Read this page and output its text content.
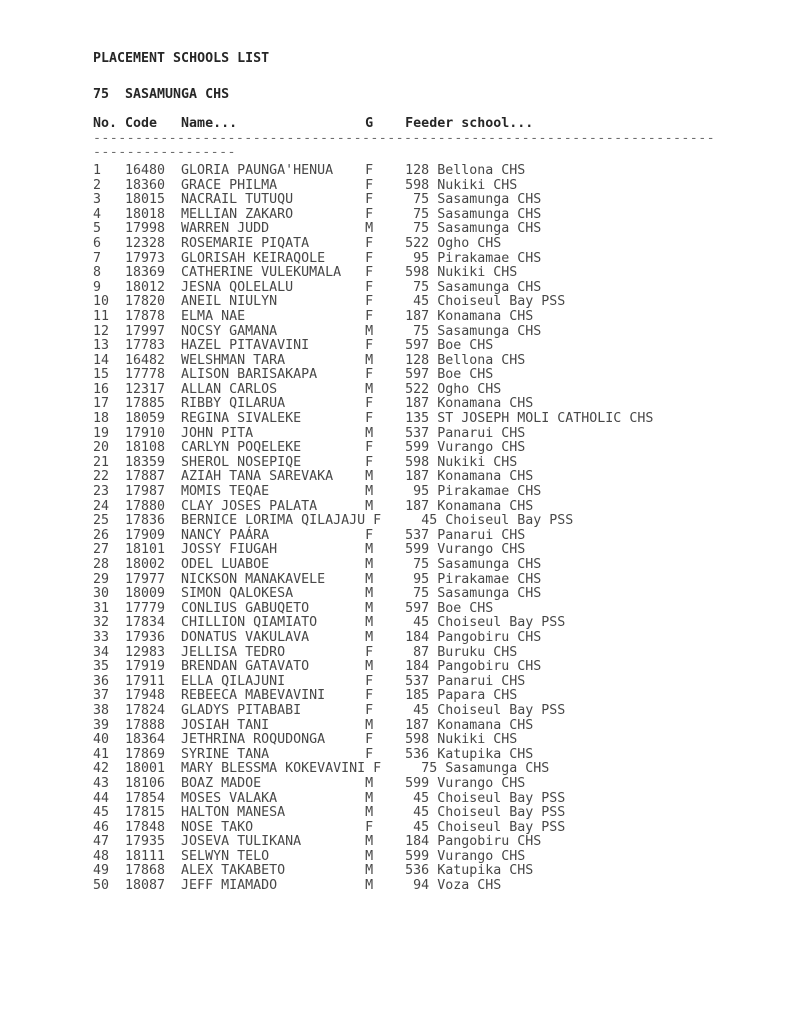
PLACEMENT SCHOOLS LIST
75 SASAMUNGA CHS
No. Code Name...	G Feeder school...
--------------------------------------------------------------------------
-----------------
1 16480 GLORIA PAUNGA'HENUA F 128 Bellona CHS
2 18360 GRACE PHILMA	F 598 Nukiki CHS
3 18015 NACRAIL TUTUQU	F	75 Sasamunga CHS
4 18018 MELLIAN ZAKARO	F	75 Sasamunga CHS
5 17998 WARREN JUDD	M	75 Sasamunga CHS
6 12328 ROSEMARIE PIQATA	F 522 Ogho CHS
7 17973 GLORISAH KEIRAQOLE	F	95 Pirakamae CHS
8 18369 CATHERINE VULEKUMALA F 598 Nukiki CHS
9 18012 JESNA QOLELALU	F	75 Sasamunga CHS
10 17820 ANEIL NIULYN	F	45 Choiseul Bay PSS
11 17878 ELMA NAE	F 187 Konamana CHS
12 17997 NOCSY GAMANA	M	75 Sasamunga CHS
13 17783 HAZEL PITAVAVINI	F 597 Boe CHS
14 16482 WELSHMAN TARA	M 128 Bellona CHS
15 17778 ALISON BARISAKAPA	F 597 Boe CHS
16 12317 ALLAN CARLOS	M 522 Ogho CHS
17 17885 RIBBY QILARUA	F 187 Konamana CHS
18 18059 REGINA SIVALEKE	F 135 ST JOSEPH MOLI CATHOLIC CHS
19 17910 JOHN PITA	M 537 Panarui CHS
20 18108 CARLYN POQELEKE	F 599 Vurango CHS
21 18359 SHEROL NOSEPIQE	F 598 Nukiki CHS
22 17887 AZIAH TANA SAREVAKA M 187 Konamana CHS
23 17987 MOMIS TEQAE	M	95 Pirakamae CHS
24 17880 CLAY JOSES PALATA	M 187 Konamana CHS
25 17836 BERNICE LORIMA QILAJAJU F	45 Choiseul Bay PSS
26 17909 NANCY PAÁRA	F 537 Panarui CHS
27 18101 JOSSY FIUGAH	M 599 Vurango CHS
28 18002 ODEL LUABOE	M	75 Sasamunga CHS
29 17977 NICKSON MANAKAVELE	M	95 Pirakamae CHS
30 18009 SIMON QALOKESA	M	75 Sasamunga CHS
31 17779 CONLIUS GABUQETO	M 597 Boe CHS
32 17834 CHILLION QIAMIATO	M	45 Choiseul Bay PSS
33 17936 DONATUS VAKULAVA	M 184 Pangobiru CHS
34 12983 JELLISA TEDRO	F	87 Buruku CHS
35 17919 BRENDAN GATAVATO	M 184 Pangobiru CHS
36 17911 ELLA QILAJUNI	F 537 Panarui CHS
37 17948 REBEECA MABEVAVINI	F 185 Papara CHS
38 17824 GLADYS PITABABI	F	45 Choiseul Bay PSS
39 17888 JOSIAH TANI	M 187 Konamana CHS
40 18364 JETHRINA ROQUDONGA	F 598 Nukiki CHS
41 17869 SYRINE TANA	F 536 Katupika CHS
42 18001 MARY BLESSMA KOKEVAVINI F	75 Sasamunga CHS
43 18106 BOAZ MADOE	M 599 Vurango CHS
44 17854 MOSES VALAKA	M	45 Choiseul Bay PSS
45 17815 HALTON MANESA	M	45 Choiseul Bay PSS
46 17848 NOSE TAKO	F	45 Choiseul Bay PSS
47 17935 JOSEVA TULIKANA	M 184 Pangobiru CHS
48 18111 SELWYN TELO	M 599 Vurango CHS
49 17868 ALEX TAKABETO	M 536 Katupika CHS
50 18087 JEFF MIAMADO	M	94 Voza CHS
